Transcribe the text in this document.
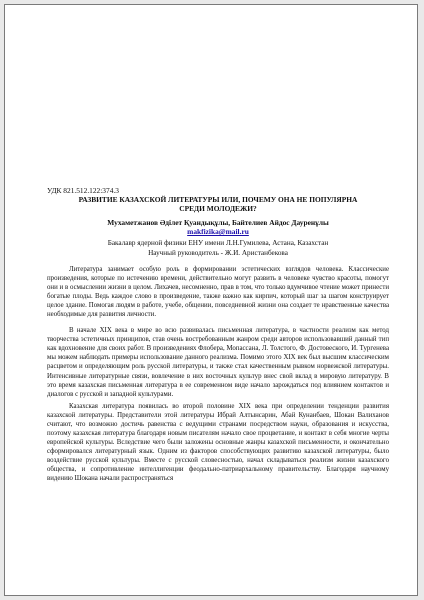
УДК 821.512.122:374.3

РАЗВИТИЕ КАЗАХСКОЙ ЛИТЕРАТУРЫ ИЛИ, ПОЧЕМУ ОНА НЕ ПОПУЛЯРНА

СРЕДИ МОЛОДЕЖИ?

Мухаметжанов Әділет Қуандықұлы, Байтелиев Айдос Дауренұлы

makfizika@mail.ru

Бакалавр ядерной физики ЕНУ имени Л.Н.Гумилева, Астана, Казахстан

Научный руководитель - Ж.И. Аристанбекова

Литература занимает особую роль в формировании эстетических взглядов человека. Классические произведения, которые по истечению времени, действительно могут развить в человеке чувство красоты, помогут они и в осмыслении жизни в целом. Лихачев, несомненно, прав в том, что только вдумчивое чтение может принести богатые плоды. Ведь каждое слово в произведение, также важно как кирпич, который шаг за шагом конструирует целое здание. Помогая людям в работе, учебе, общении, повседневной жизни она создает те нравственные качества необходимые для развития личности.

В начале XIX века в мире во всю развивалась письменная литература, в частности реализм как метод творчества эстетичных принципов, став очень востребованным жанром среди авторов использовавший данный тип как вдохновение для своих работ. В произведениях Флобера, Мопассана, Л. Толстого, Ф. Достовеского, И. Тургенева мы можем наблюдать примеры использование данного реализма. Помимо этого XIX век был высшим классическим расцветом и определяющим роль русской литературы, и также стал качественным рывком норвежской литературы. Интенсивные литературные связи, вовлечение в них восточных культур внес свой вклад в мировую литературу. В это время казахская письменная литература в ее современном виде начало зарождаться под влиянием контактов и диалогов с русской и западной культурами.

Казахская литература появилась во второй половине XIX века при определении тенденции развития казахской литературы. Представители этой литературы Ибрай Алтынсарин, Абай Кунанбаев, Шокан Валиханов считают, что возможно достичь равенства с ведущими странами посредством науки, образования и искусства, поэтому казахская литература благодаря новым писателям начало свое процветание, и контакт в себя многие черты европейской культуры. Вследствие чего были заложены основные жанры казахской письменности, и окончательно сформировался литературный язык. Одним из факторов способствующих развитию казахской литературы, было воздействие русской культуры. Вместе с русской словесностью, начал складываться реализм жизни казахского общества, и сопротивление интеллигенции феодально-патриархальному правительству. Благодаря научному видению Шокана начали распространяться
